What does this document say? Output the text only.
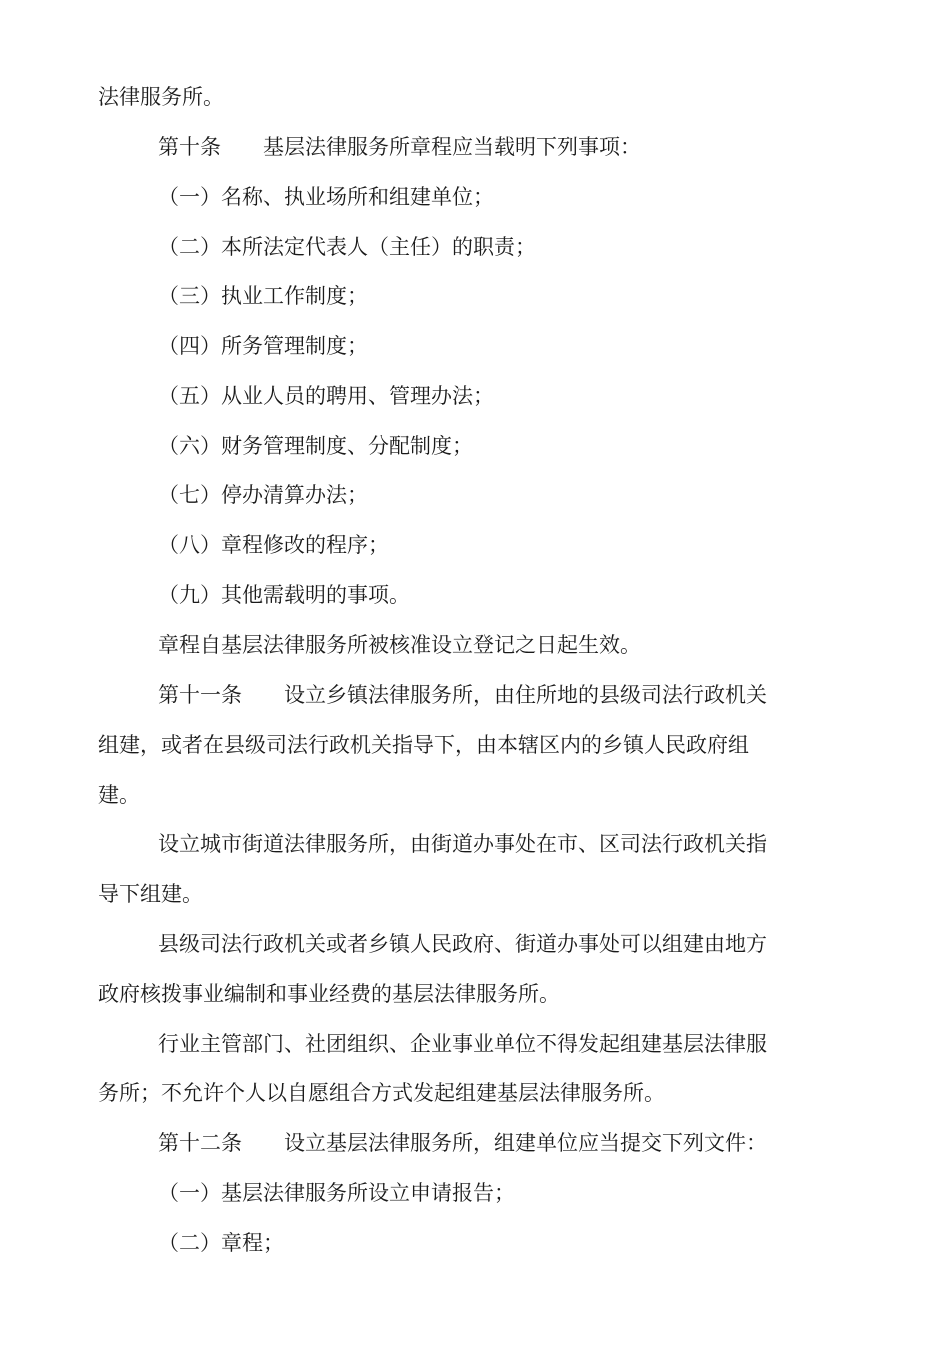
法律服务所。
第十条　　基层法律服务所章程应当载明下列事项：
（一）名称、执业场所和组建单位；
（二）本所法定代表人（主任）的职责；
（三）执业工作制度；
（四）所务管理制度；
（五）从业人员的聘用、管理办法；
（六）财务管理制度、分配制度；
（七）停办清算办法；
（八）章程修改的程序；
（九）其他需载明的事项。
章程自基层法律服务所被核准设立登记之日起生效。
第十一条　　设立乡镇法律服务所，由住所地的县级司法行政机关
组建，或者在县级司法行政机关指导下，由本辖区内的乡镇人民政府组
建。
设立城市街道法律服务所，由街道办事处在市、区司法行政机关指
导下组建。
县级司法行政机关或者乡镇人民政府、街道办事处可以组建由地方
政府核拨事业编制和事业经费的基层法律服务所。
行业主管部门、社团组织、企业事业单位不得发起组建基层法律服
务所；不允许个人以自愿组合方式发起组建基层法律服务所。
第十二条　　设立基层法律服务所，组建单位应当提交下列文件：
（一）基层法律服务所设立申请报告；
（二）章程；
